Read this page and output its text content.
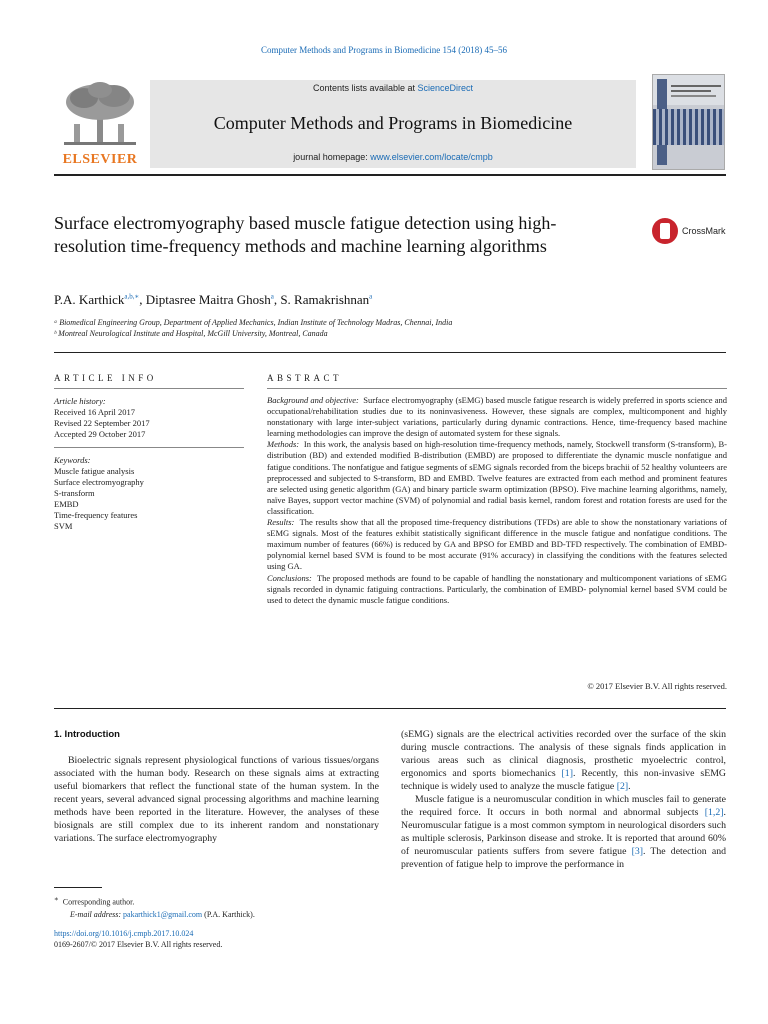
Computer Methods and Programs in Biomedicine 154 (2018) 45–56
ELSEVIER
Contents lists available at ScienceDirect
Computer Methods and Programs in Biomedicine
journal homepage: www.elsevier.com/locate/cmpb
Surface electromyography based muscle fatigue detection using high-resolution time-frequency methods and machine learning algorithms
CrossMark
P.A. Karthick$^{a,b,∗}$, Diptasree Maitra Ghosh$^a$, S. Ramakrishnan$^a$
ᵃ Biomedical Engineering Group, Department of Applied Mechanics, Indian Institute of Technology Madras, Chennai, India
ᵇ Montreal Neurological Institute and Hospital, McGill University, Montreal, Canada
ARTICLE INFO	ABSTRACT
Article history:
Received 16 April 2017
Revised 22 September 2017
Accepted 29 October 2017
Keywords:
Muscle fatigue analysis
Surface electromyography
S-transform
EMBD
Time-frequency features
SVM
Background and objective: Surface electromyography (sEMG) based muscle fatigue research is widely preferred in sports science and occupational/rehabilitation studies due to its noninvasiveness. However, these signals are complex, multicomponent and highly nonstationary with large inter-subject variations, particularly during dynamic contractions. Hence, time-frequency based machine learning methodologies can improve the design of automated system for these signals.
Methods: In this work, the analysis based on high-resolution time-frequency methods, namely, Stockwell transform (S-transform), B-distribution (BD) and extended modified B-distribution (EMBD) are proposed to differentiate the dynamic muscle nonfatigue and fatigue conditions. The nonfatigue and fatigue segments of sEMG signals recorded from the biceps brachii of 52 healthy volunteers are preprocessed and subjected to S-transform, BD and EMBD. Twelve features are extracted from each method and prominent features are selected using genetic algorithm (GA) and binary particle swarm optimization (BPSO). Five machine learning algorithms, namely, naïve Bayes, support vector machine (SVM) of polynomial and radial basis kernel, random forest and rotation forests are used for the classification.
Results: The results show that all the proposed time-frequency distributions (TFDs) are able to show the nonstationary variations of sEMG signals. Most of the features exhibit statistically significant difference in the muscle fatigue and nonfatigue conditions. The maximum number of features (66%) is reduced by GA and BPSO for EMBD and BD-TFD respectively. The combination of EMBD- polynomial kernel based SVM is found to be most accurate (91% accuracy) in classifying the conditions with the features selected using GA.
Conclusions: The proposed methods are found to be capable of handling the nonstationary and multicomponent variations of sEMG signals recorded in dynamic fatiguing contractions. Particularly, the combination of EMBD- polynomial kernel based SVM could be used to detect the dynamic muscle fatigue conditions.
© 2017 Elsevier B.V. All rights reserved.
1. Introduction

Bioelectric signals represent physiological functions of various tissues/organs associated with the human body. Research on these signals aims at extracting useful biomarkers that reflect the functional state of the human system. In the recent years, several advanced signal processing algorithms and machine learning methods have been reported in the literature. However, the analyses of these biosignals are still complex due to its inherent random and nonstationary variations. The surface electromyography

(sEMG) signals are the electrical activities recorded over the surface of the skin during muscle contractions. The analysis of these signals finds application in various areas such as clinical diagnosis, prosthetic myoelectric control, ergonomics and sports biomechanics [1]. Recently, this non-invasive sEMG technique is widely used to analyze the muscle fatigue [2].

Muscle fatigue is a neuromuscular condition in which muscles fail to generate the required force. It occurs in both normal and abnormal subjects [1,2]. Neuromuscular fatigue is a most common symptom in neurological disorders such as multiple sclerosis, Parkinson disease and stroke. It is reported that around 60% of neuromuscular patients suffers from severe fatigue [3]. The detection and prevention of fatigue help to improve the performance in

∗ Corresponding author.
E-mail address: pakarthick1@gmail.com (P.A. Karthick).
https://doi.org/10.1016/j.cmpb.2017.10.024
0169-2607/© 2017 Elsevier B.V. All rights reserved.
